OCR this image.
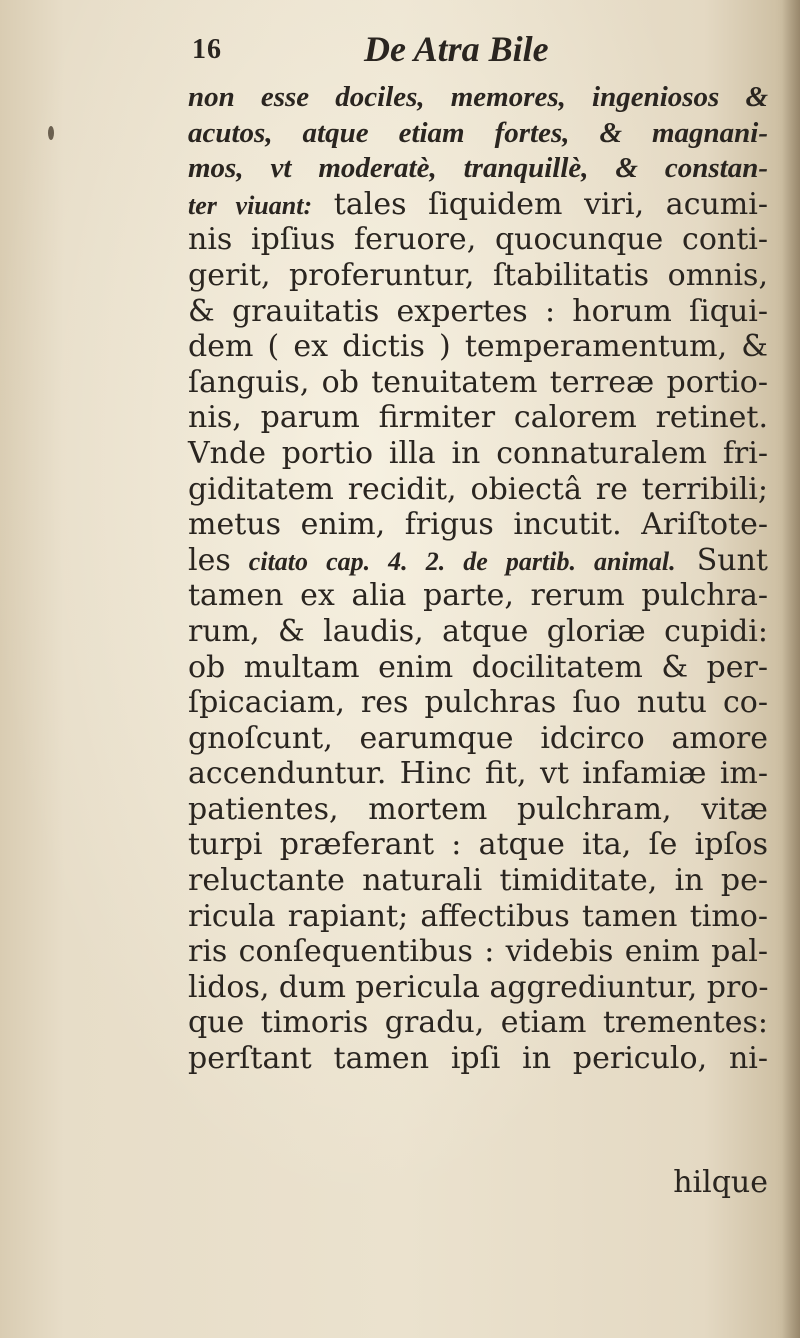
16	De Atra Bile
non esse dociles, memores, ingeniosos &
acutos, atque etiam fortes, & magnani-
mos, vt moderatè, tranquillè, & constan-
ter viuant: tales ſiquidem viri, acumi-
nis ipſius feruore, quocunque conti-
gerit, proferuntur, ſtabilitatis omnis,
& grauitatis expertes : horum ſiqui-
dem ( ex dictis ) temperamentum, &
ſanguis, ob tenuitatem terreæ portio-
nis, parum firmiter calorem retinet.
Vnde portio illa in connaturalem fri-
giditatem recidit, obiectâ re terribili;
metus enim, frigus incutit. Ariſtote-
les citato cap. 4. 2. de partib. animal. Sunt
tamen ex alia parte, rerum pulchra-
rum, & laudis, atque gloriæ cupidi:
ob multam enim docilitatem & per-
ſpicaciam, res pulchras ſuo nutu co-
gnoſcunt, earumque idcirco amore
accenduntur. Hinc fit, vt infamiæ im-
patientes, mortem pulchram, vitæ
turpi præferant : atque ita, ſe ipſos
reluctante naturali timiditate, in pe-
ricula rapiant; affectibus tamen timo-
ris conſequentibus : videbis enim pal-
lidos, dum pericula aggrediuntur, pro-
que timoris gradu, etiam trementes:
perſtant tamen ipſi in periculo, ni-
hilque
